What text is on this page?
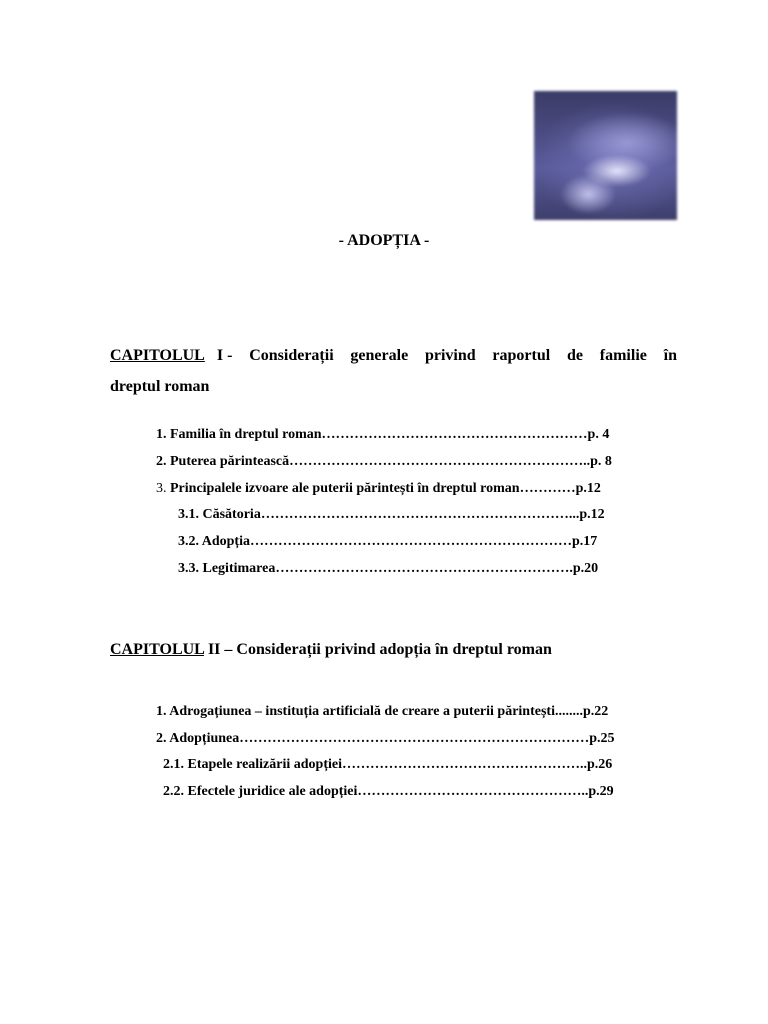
- ADOPȚIA -
CAPITOLUL I - Considerații generale privind raportul de familie în
dreptul roman
1. Familia în dreptul roman…………………………………………………p. 4
2. Puterea părintească………………………………………………………..p. 8
3. Principalele izvoare ale puterii părintești în dreptul roman…………p.12
3.1. Căsătoria…………………………………………………………...p.12
3.2. Adopția……………………………………………………………p.17
3.3. Legitimarea……………………………………………………….p.20
CAPITOLUL II – Considerații privind adopția în dreptul roman
1. Adrogațiunea – instituția artificială de creare a puterii părintești........p.22
2. Adopțiunea…………………………………………………………………p.25
2.1. Etapele realizării adopției……………………………………………..p.26
2.2. Efectele juridice ale adopției…………………………………………..p.29
